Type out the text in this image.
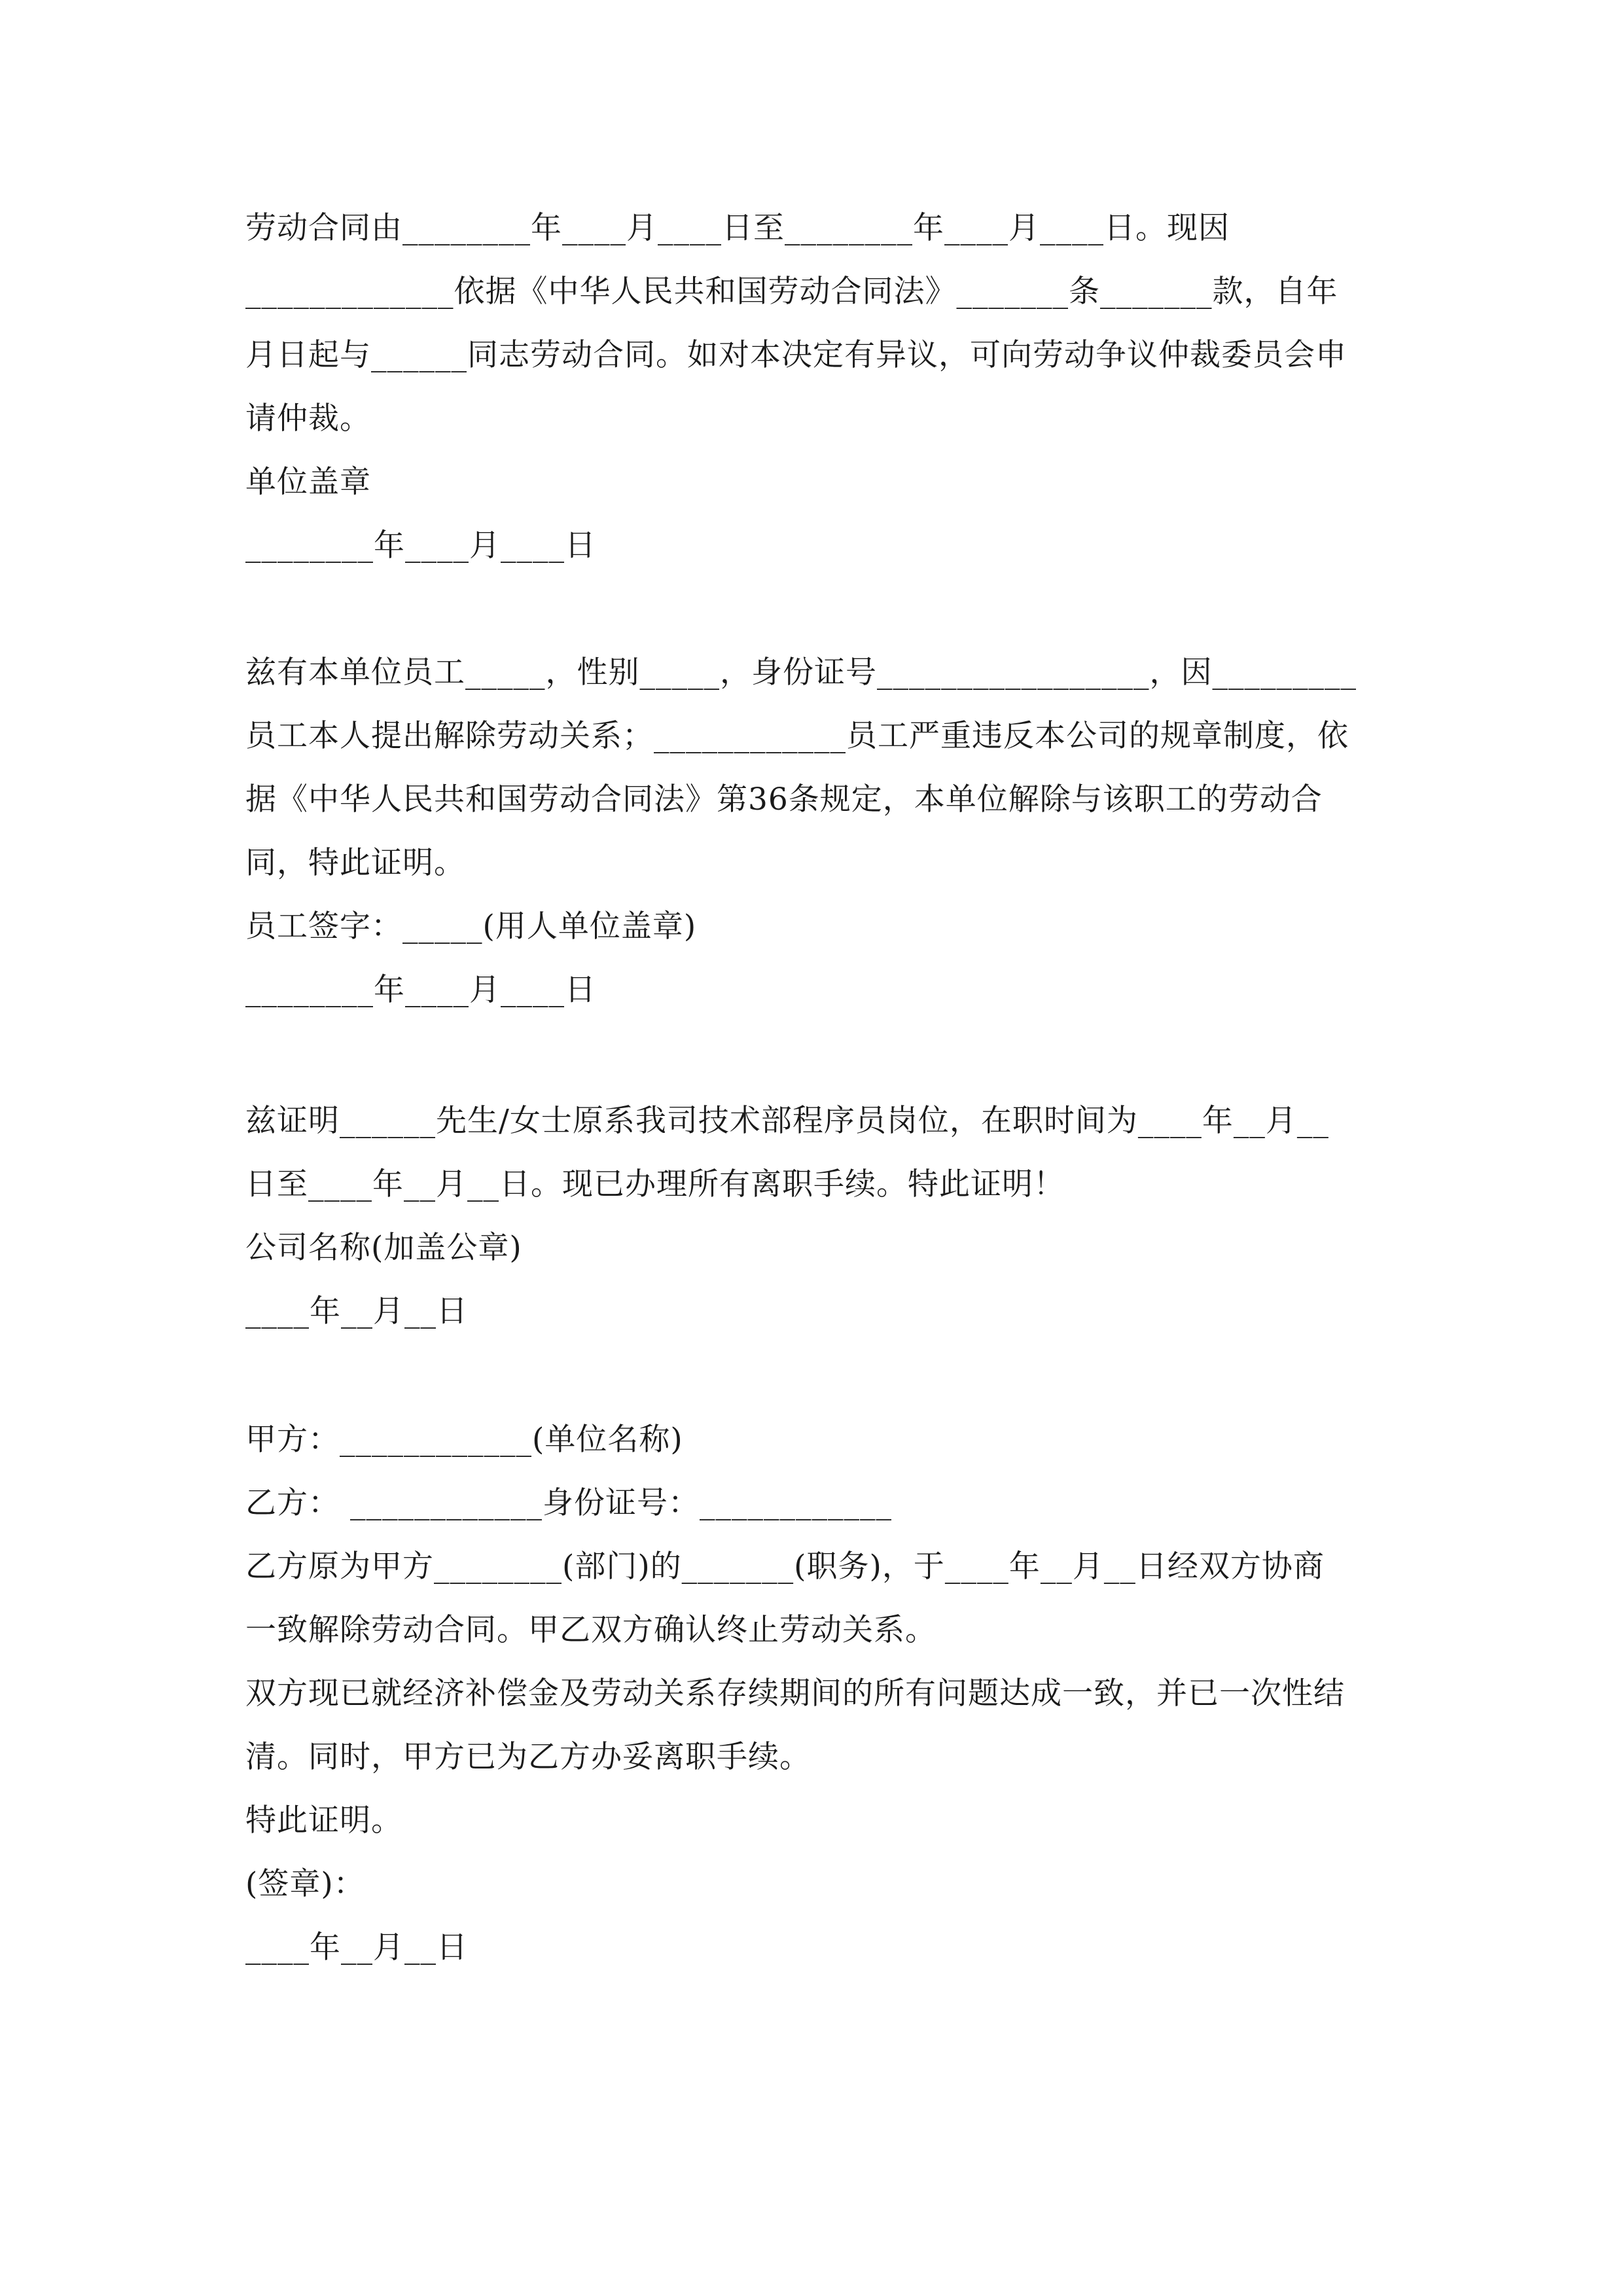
劳动合同由________年____月____日至________年____月____日。现因
_____________依据《中华人民共和国劳动合同法》_______条_______款，自年
月日起与______同志劳动合同。如对本决定有异议，可向劳动争议仲裁委员会申
请仲裁。
单位盖章
________年____月____日
兹有本单位员工_____，性别_____，身份证号_________________，因_________
员工本人提出解除劳动关系；____________员工严重违反本公司的规章制度，依
据《中华人民共和国劳动合同法》第36条规定，本单位解除与该职工的劳动合
同，特此证明。
员工签字：_____(用人单位盖章)
________年____月____日
兹证明______先生/女士原系我司技术部程序员岗位，在职时间为____年__月__
日至____年__月__日。现已办理所有离职手续。特此证明！
公司名称(加盖公章)
____年__月__日
甲方：____________(单位名称)
乙方： ____________身份证号：____________
乙方原为甲方________(部门)的_______(职务)，于____年__月__日经双方协商
一致解除劳动合同。甲乙双方确认终止劳动关系。
双方现已就经济补偿金及劳动关系存续期间的所有问题达成一致，并已一次性结
清。同时，甲方已为乙方办妥离职手续。
特此证明。
(签章)：
____年__月__日
